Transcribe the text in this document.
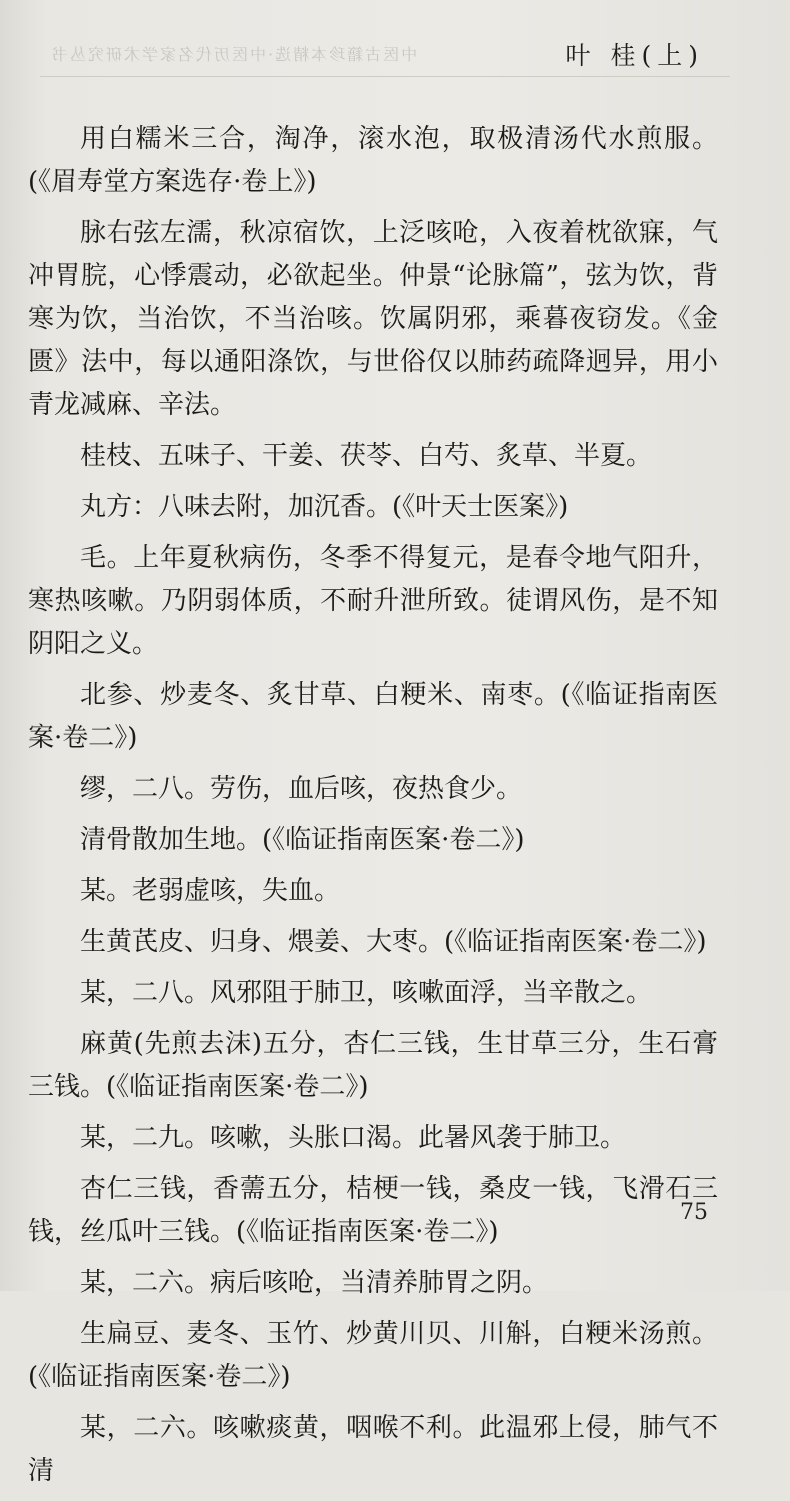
中医古籍珍本精选·中医历代名家学术研究丛书	叶 桂(上)

用白糯米三合，淘净，滚水泡，取极清汤代水煎服。(《眉寿堂方案选存·卷上》)

脉右弦左濡，秋凉宿饮，上泛咳呛，入夜着枕欲寐，气冲胃脘，心悸震动，必欲起坐。仲景“论脉篇”，弦为饮，背寒为饮，当治饮，不当治咳。饮属阴邪，乘暮夜窃发。《金匮》法中，每以通阳涤饮，与世俗仅以肺药疏降迥异，用小青龙减麻、辛法。

桂枝、五味子、干姜、茯苓、白芍、炙草、半夏。

丸方：八味去附，加沉香。(《叶天士医案》)

毛。上年夏秋病伤，冬季不得复元，是春令地气阳升，寒热咳嗽。乃阴弱体质，不耐升泄所致。徒谓风伤，是不知阴阳之义。

北参、炒麦冬、炙甘草、白粳米、南枣。(《临证指南医案·卷二》)

缪，二八。劳伤，血后咳，夜热食少。

清骨散加生地。(《临证指南医案·卷二》)

某。老弱虚咳，失血。

生黄芪皮、归身、煨姜、大枣。(《临证指南医案·卷二》)

某，二八。风邪阻于肺卫，咳嗽面浮，当辛散之。

麻黄(先煎去沫)五分，杏仁三钱，生甘草三分，生石膏三钱。(《临证指南医案·卷二》)

某，二九。咳嗽，头胀口渴。此暑风袭于肺卫。

杏仁三钱，香薷五分，桔梗一钱，桑皮一钱，飞滑石三钱，丝瓜叶三钱。(《临证指南医案·卷二》)

某，二六。病后咳呛，当清养肺胃之阴。

生扁豆、麦冬、玉竹、炒黄川贝、川斛，白粳米汤煎。(《临证指南医案·卷二》)

某，二六。咳嗽痰黄，咽喉不利。此温邪上侵，肺气不清

75
